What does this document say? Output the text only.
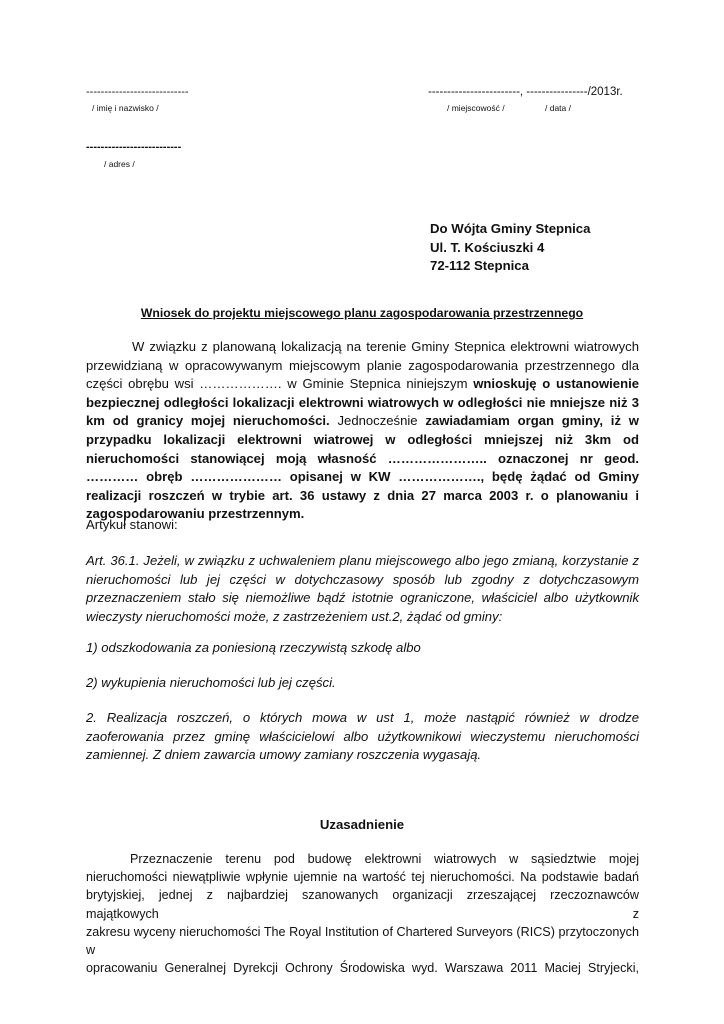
----------------------------
/ imię i nazwisko /
------------------------, ----------------/2013r.
/ miejscowość /	/ data /
--------------------------
/ adres /
Do Wójta Gminy Stepnica
Ul. T. Kościuszki 4
72-112 Stepnica
Wniosek do projektu miejscowego planu zagospodarowania przestrzennego

W związku z planowaną lokalizacją na terenie Gminy Stepnica elektrowni wiatrowych przewidzianą w opracowywanym miejscowym planie zagospodarowania przestrzennego dla części obrębu wsi ………………. w Gminie Stepnica niniejszym wnioskuję o ustanowienie bezpiecznej odległości lokalizacji elektrowni wiatrowych w odległości nie mniejsze niż 3 km od granicy mojej nieruchomości. Jednocześnie zawiadamiam organ gminy, iż w przypadku lokalizacji elektrowni wiatrowej w odległości mniejszej niż 3km od nieruchomości stanowiącej moją własność ………………….. oznaczonej nr geod. ………… obręb ………………… opisanej w KW ………………., będę żądać od Gminy realizacji roszczeń w trybie art. 36 ustawy z dnia 27 marca 2003 r. o planowaniu i zagospodarowaniu przestrzennym.

Artykuł stanowi:
Art. 36.1. Jeżeli, w związku z uchwaleniem planu miejscowego albo jego zmianą, korzystanie z nieruchomości lub jej części w dotychczasowy sposób lub zgodny z dotychczasowym przeznaczeniem stało się niemożliwe bądź istotnie ograniczone, właściciel albo użytkownik wieczysty nieruchomości może, z zastrzeżeniem ust.2, żądać od gminy:
1) odszkodowania za poniesioną rzeczywistą szkodę albo
2) wykupienia nieruchomości lub jej części.
2. Realizacja roszczeń, o których mowa w ust 1, może nastąpić również w drodze zaoferowania przez gminę właścicielowi albo użytkownikowi wieczystemu nieruchomości zamiennej. Z dniem zawarcia umowy zamiany roszczenia wygasają.
Uzasadnienie
Przeznaczenie terenu pod budowę elektrowni wiatrowych w sąsiedztwie mojej
nieruchomości niewątpliwie wpłynie ujemnie na wartość tej nieruchomości. Na podstawie badań
brytyjskiej, jednej z najbardziej szanowanych organizacji zrzeszającej rzeczoznawców majątkowych z
zakresu wyceny nieruchomości The Royal Institution of Chartered Surveyors (RICS) przytoczonych w
opracowaniu Generalnej Dyrekcji Ochrony Środowiska wyd. Warszawa 2011 Maciej Stryjecki,
